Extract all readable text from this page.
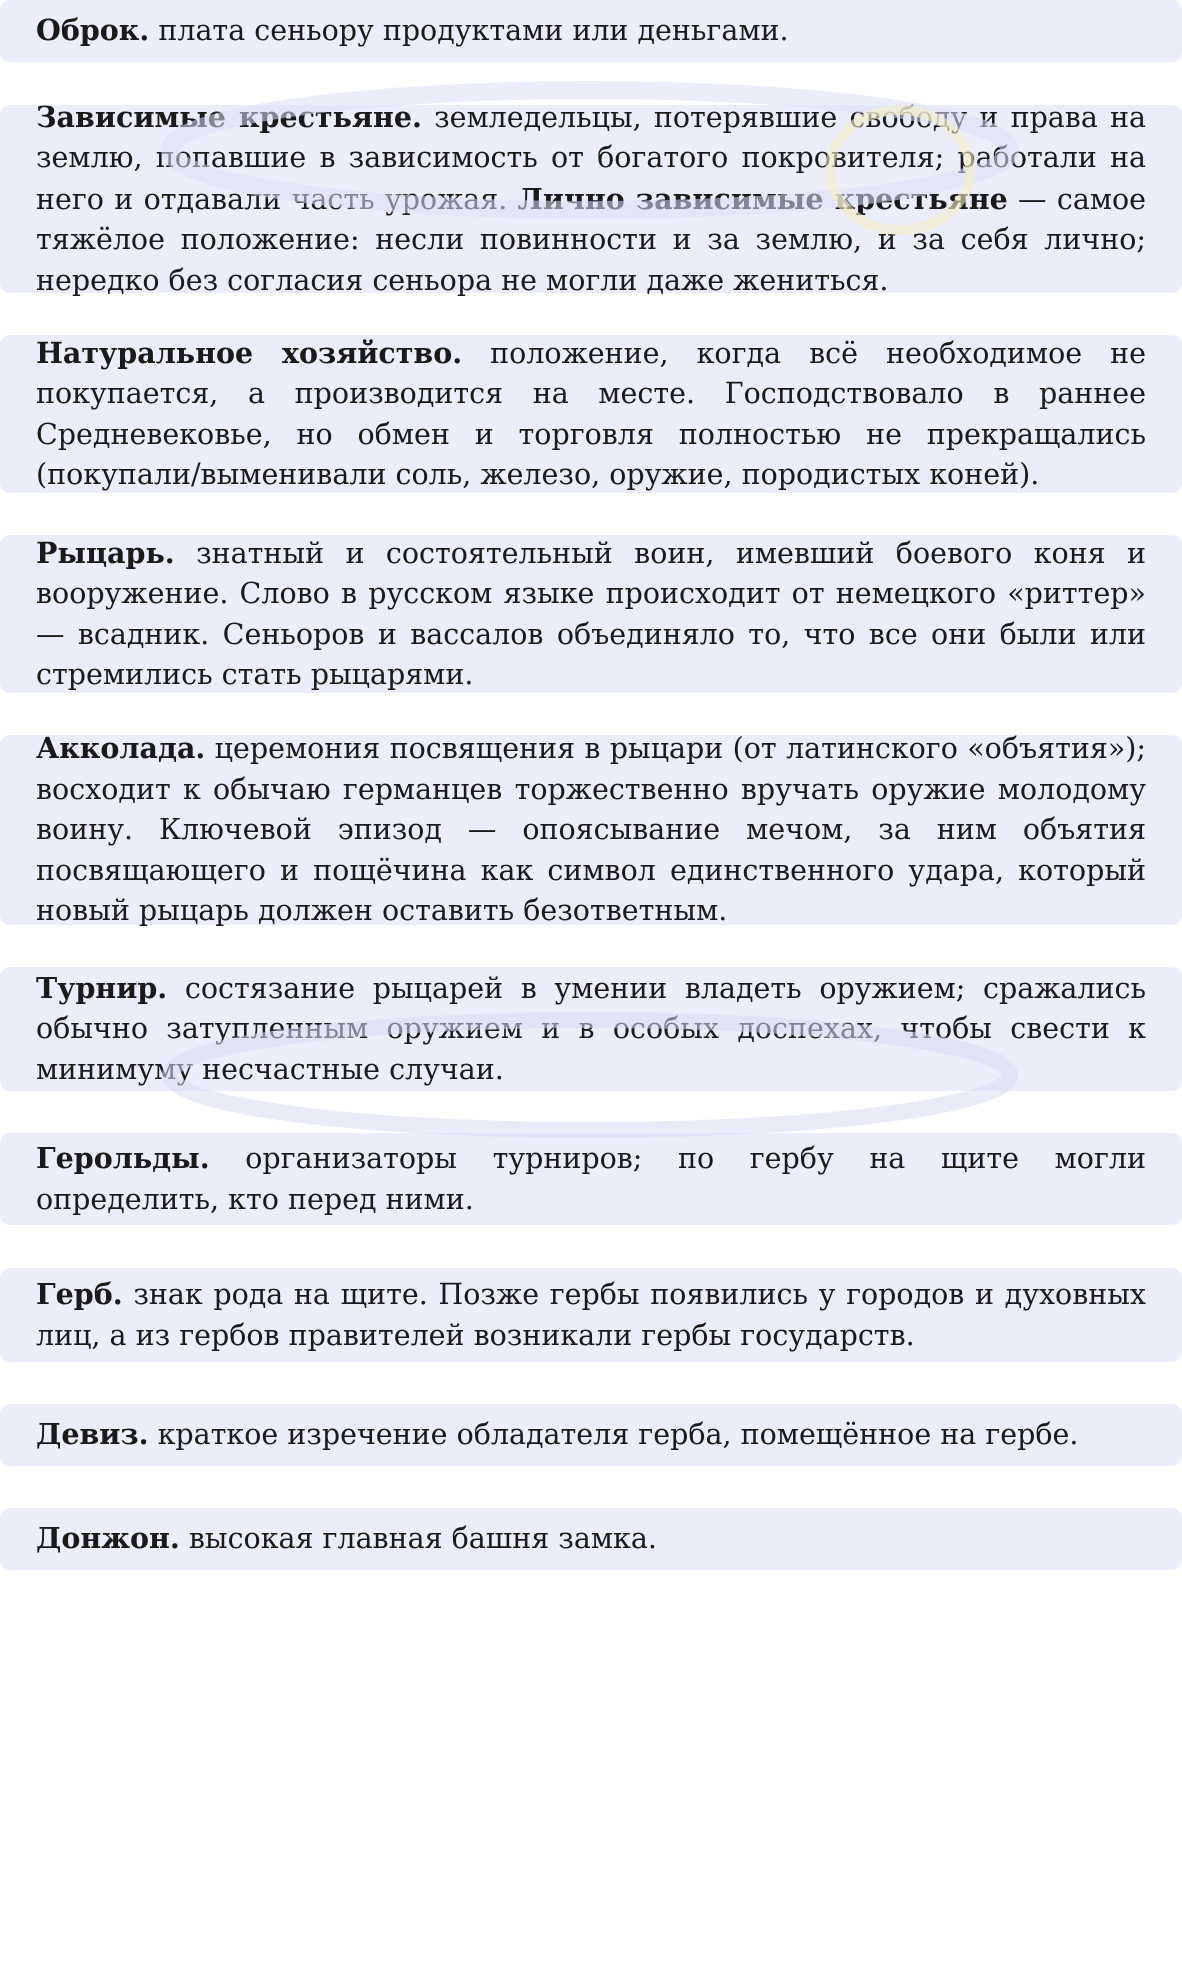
Оброк. плата сеньору продуктами или деньгами.

Зависимые крестьяне. земледельцы, потерявшие свободу и права на землю, попавшие в зависимость от богатого покровителя; работали на него и отдавали часть урожая. Лично зависимые крестьяне — самое тяжёлое положение: несли повинности и за землю, и за себя лично; нередко без согласия сеньора не могли даже жениться.

Натуральное хозяйство. положение, когда всё необходимое не покупается, а производится на месте. Господствовало в раннее Средневековье, но обмен и торговля полностью не прекращались (покупали/выменивали соль, железо, оружие, породистых коней).

Рыцарь. знатный и состоятельный воин, имевший боевого коня и вооружение. Слово в русском языке происходит от немецкого «риттер» — всадник. Сеньоров и вассалов объединяло то, что все они были или стремились стать рыцарями.

Акколада. церемония посвящения в рыцари (от латинского «объятия»); восходит к обычаю германцев торжественно вручать оружие молодому воину. Ключевой эпизод — опоясывание мечом, за ним объятия посвящающего и пощёчина как символ единственного удара, который новый рыцарь должен оставить безответным.

Турнир. состязание рыцарей в умении владеть оружием; сражались обычно затупленным оружием и в особых доспехах, чтобы свести к минимуму несчастные случаи.

Герольды. организаторы турниров; по гербу на щите могли определить, кто перед ними.

Герб. знак рода на щите. Позже гербы появились у городов и духовных лиц, а из гербов правителей возникали гербы государств.

Девиз. краткое изречение обладателя герба, помещённое на гербе.

Донжон. высокая главная башня замка.
